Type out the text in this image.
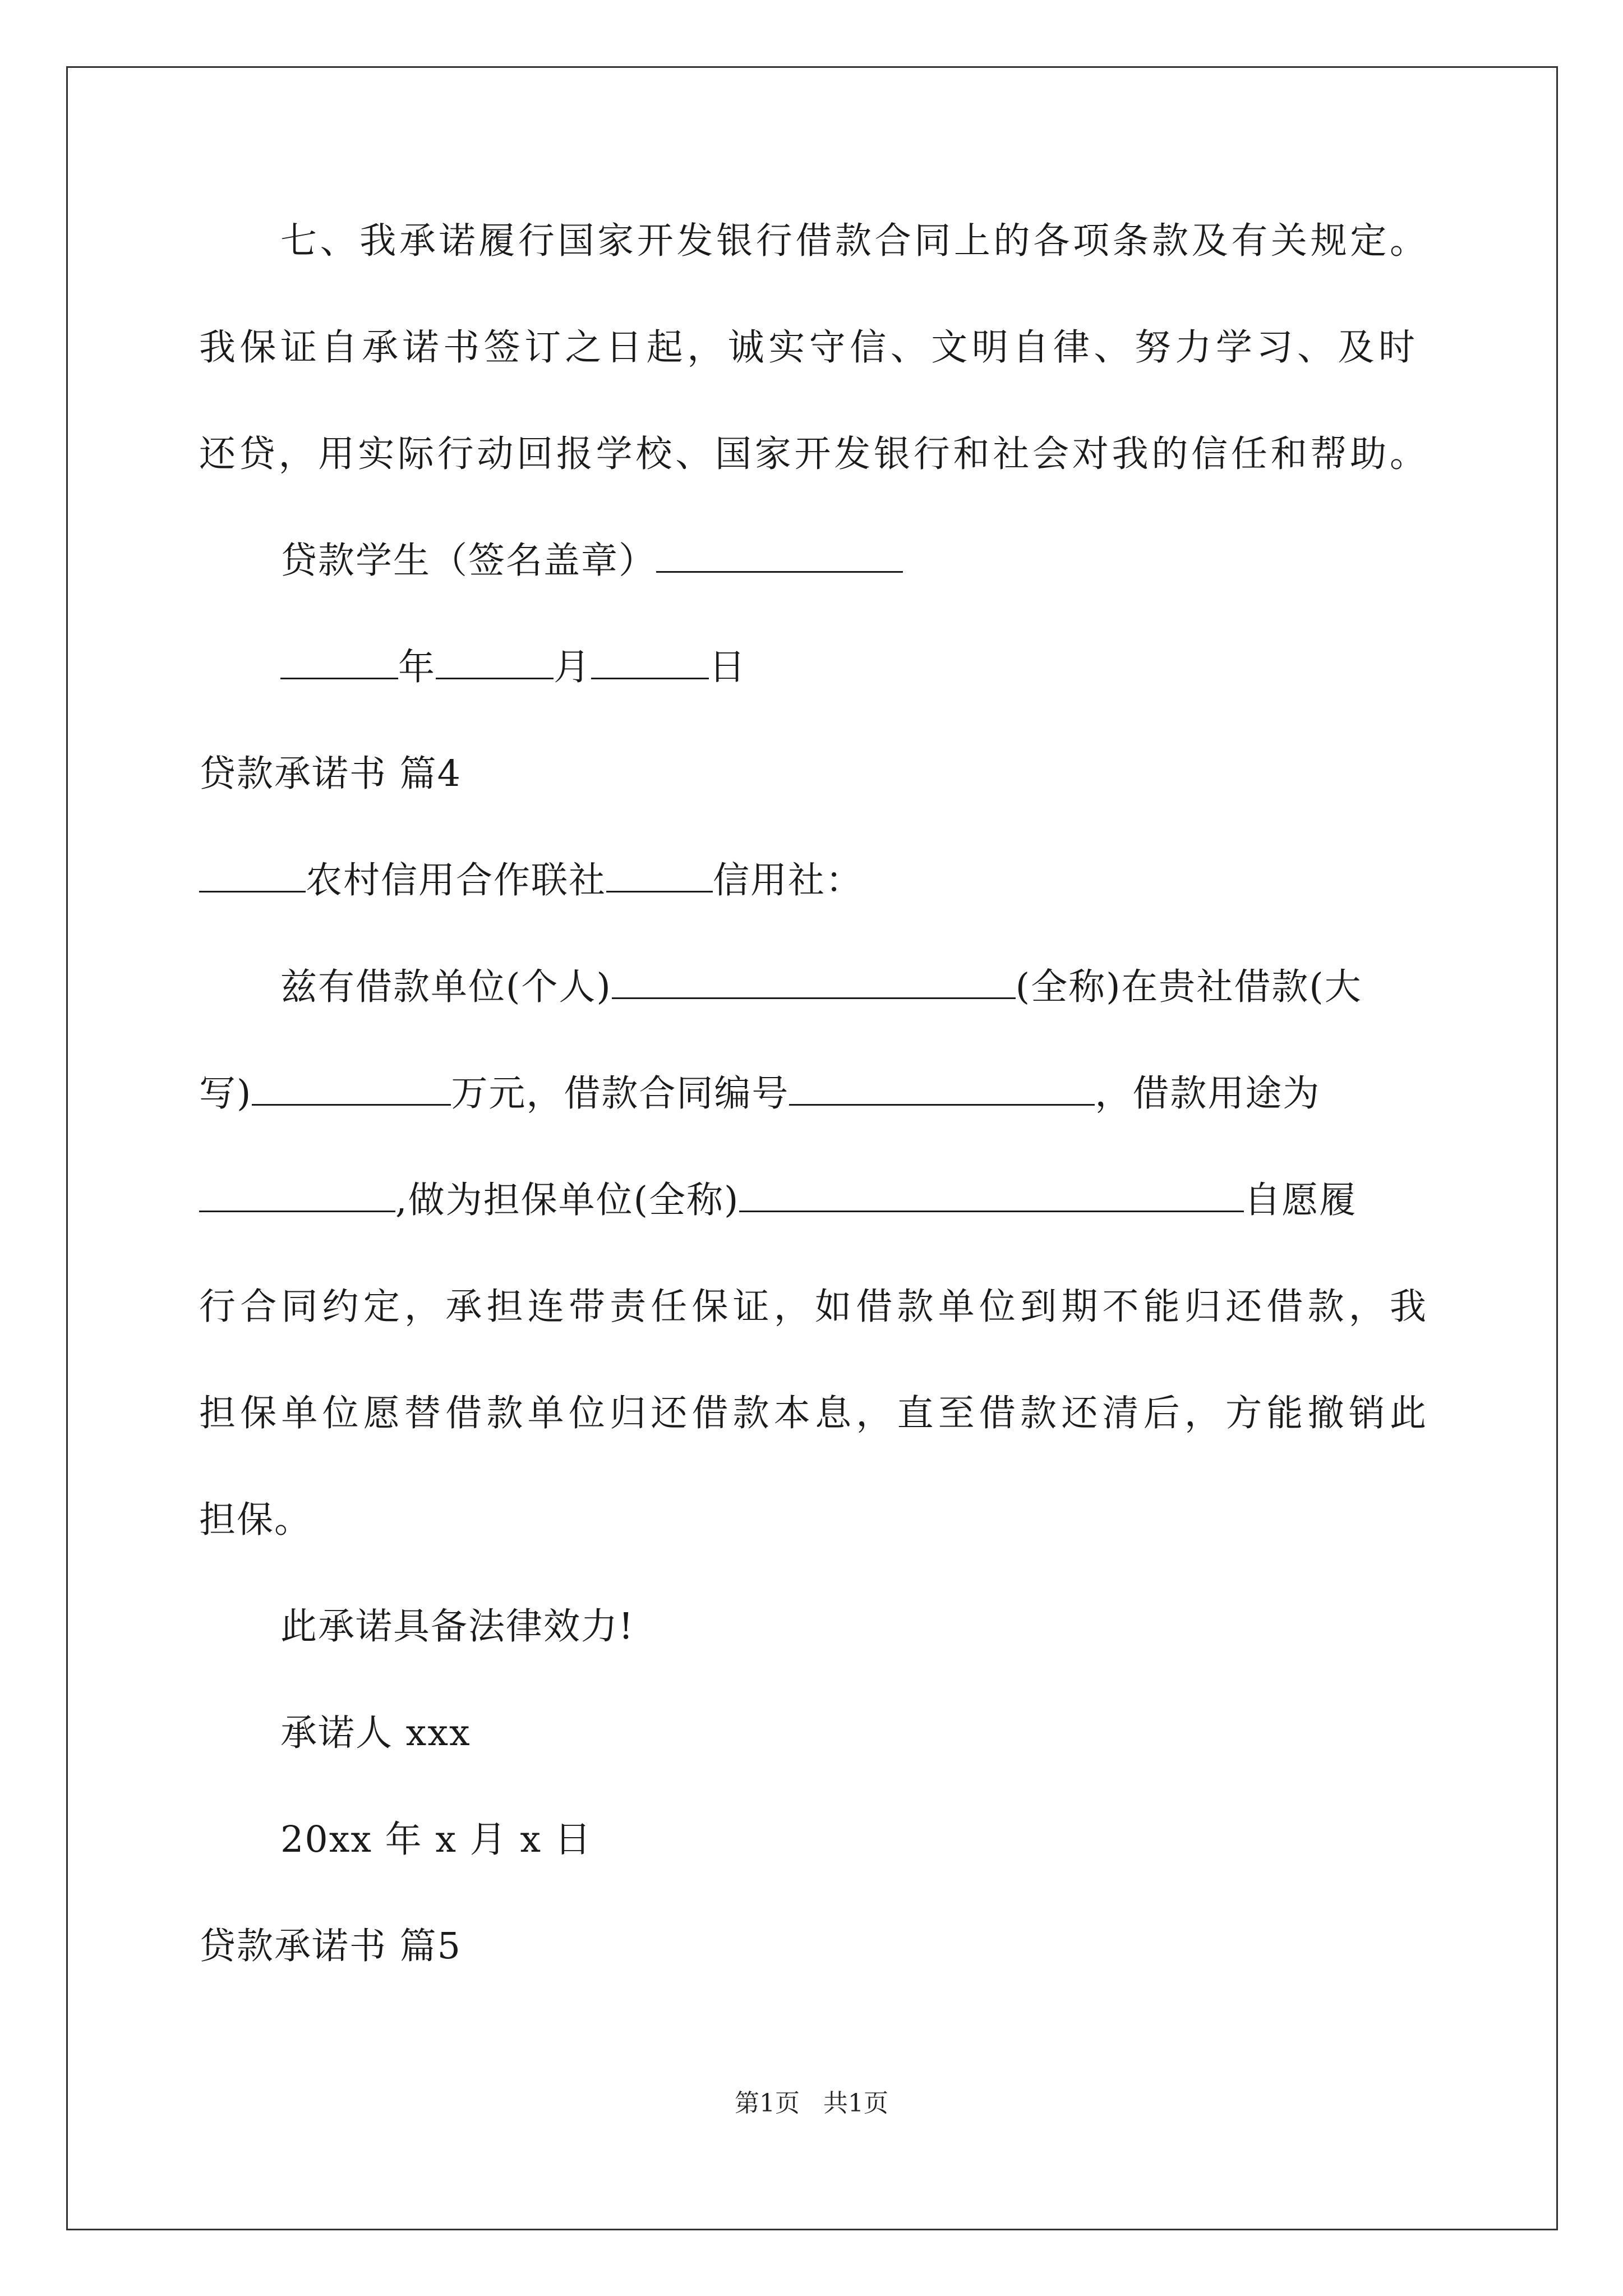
七、我承诺履行国家开发银行借款合同上的各项条款及有关规定。
我保证自承诺书签订之日起，诚实守信、文明自律、努力学习、及时
还贷，用实际行动回报学校、国家开发银行和社会对我的信任和帮助。
贷款学生（签名盖章）
年	月	日
贷款承诺书 篇4
农村信用合作联社	信用社：
兹有借款单位(个人)	(全称)在贵社借款(大
写)	万元，借款合同编号	，借款用途为
,做为担保单位(全称)	自愿履
行合同约定，承担连带责任保证，如借款单位到期不能归还借款，我
担保单位愿替借款单位归还借款本息，直至借款还清后，方能撤销此
担保。
此承诺具备法律效力!
承诺人 xxx
20xx 年 x 月 x 日
贷款承诺书 篇5
第1页 共1页
